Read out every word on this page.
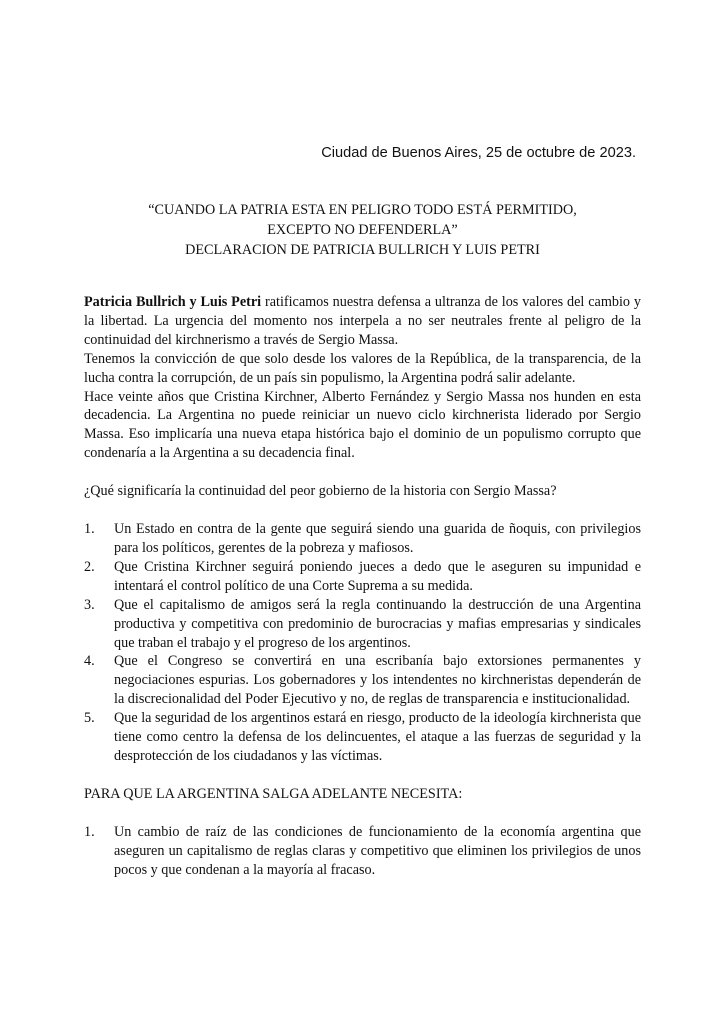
Ciudad de Buenos Aires, 25 de octubre de 2023.
“CUANDO LA PATRIA ESTA EN PELIGRO TODO ESTÁ PERMITIDO,
EXCEPTO NO DEFENDERLA”
DECLARACION DE PATRICIA BULLRICH Y LUIS PETRI

Patricia Bullrich y Luis Petri ratificamos nuestra defensa a ultranza de los valores del cambio y la libertad. La urgencia del momento nos interpela a no ser neutrales frente al peligro de la continuidad del kirchnerismo a través de Sergio Massa.

Tenemos la convicción de que solo desde los valores de la República, de la transparencia, de la lucha contra la corrupción, de un país sin populismo, la Argentina podrá salir adelante.

Hace veinte años que Cristina Kirchner, Alberto Fernández y Sergio Massa nos hunden en esta decadencia. La Argentina no puede reiniciar un nuevo ciclo kirchnerista liderado por Sergio Massa. Eso implicaría una nueva etapa histórica bajo el dominio de un populismo corrupto que condenaría a la Argentina a su decadencia final.

¿Qué significaría la continuidad del peor gobierno de la historia con Sergio Massa?

1. Un Estado en contra de la gente que seguirá siendo una guarida de ñoquis, con privilegios para los políticos, gerentes de la pobreza y mafiosos.
2. Que Cristina Kirchner seguirá poniendo jueces a dedo que le aseguren su impunidad e intentará el control político de una Corte Suprema a su medida.
3. Que el capitalismo de amigos será la regla continuando la destrucción de una Argentina productiva y competitiva con predominio de burocracias y mafias empresarias y sindicales que traban el trabajo y el progreso de los argentinos.
4. Que el Congreso se convertirá en una escribanía bajo extorsiones permanentes y negociaciones espurias. Los gobernadores y los intendentes no kirchneristas dependerán de la discrecionalidad del Poder Ejecutivo y no, de reglas de transparencia e institucionalidad.
5. Que la seguridad de los argentinos estará en riesgo, producto de la ideología kirchnerista que tiene como centro la defensa de los delincuentes, el ataque a las fuerzas de seguridad y la desprotección de los ciudadanos y las víctimas.

PARA QUE LA ARGENTINA SALGA ADELANTE NECESITA:

1. Un cambio de raíz de las condiciones de funcionamiento de la economía argentina que aseguren un capitalismo de reglas claras y competitivo que eliminen los privilegios de unos pocos y que condenan a la mayoría al fracaso.
